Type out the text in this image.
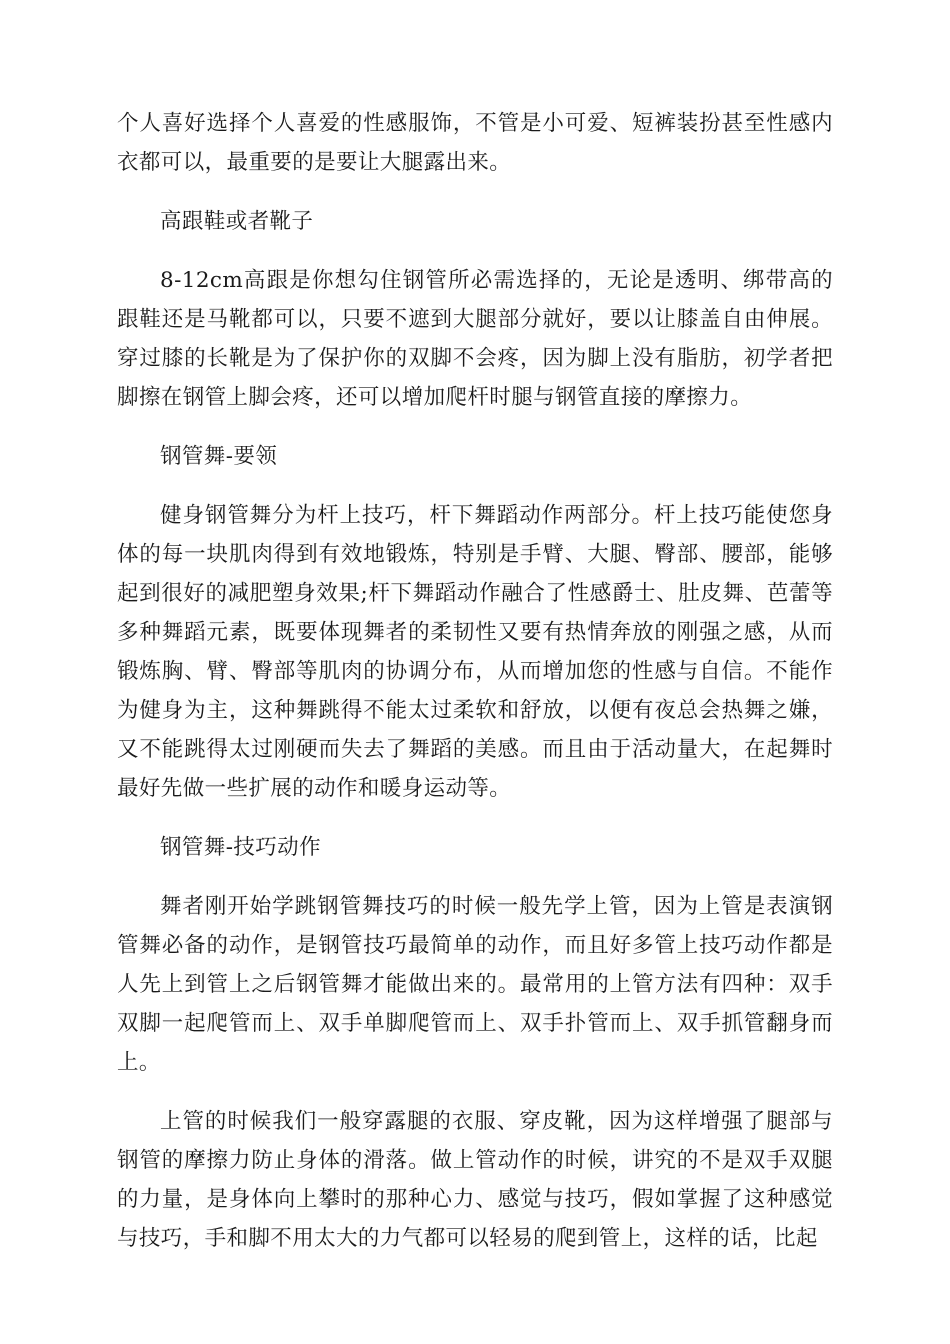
个人喜好选择个人喜爱的性感服饰，不管是小可爱、短裤装扮甚至性感内衣都可以，最重要的是要让大腿露出来。

高跟鞋或者靴子

8-12cm高跟是你想勾住钢管所必需选择的，无论是透明、绑带高的跟鞋还是马靴都可以，只要不遮到大腿部分就好，要以让膝盖自由伸展。穿过膝的长靴是为了保护你的双脚不会疼，因为脚上没有脂肪，初学者把脚擦在钢管上脚会疼，还可以增加爬杆时腿与钢管直接的摩擦力。

钢管舞-要领

健身钢管舞分为杆上技巧，杆下舞蹈动作两部分。杆上技巧能使您身体的每一块肌肉得到有效地锻炼，特别是手臂、大腿、臀部、腰部，能够起到很好的减肥塑身效果;杆下舞蹈动作融合了性感爵士、肚皮舞、芭蕾等多种舞蹈元素，既要体现舞者的柔韧性又要有热情奔放的刚强之感，从而锻炼胸、臂、臀部等肌肉的协调分布，从而增加您的性感与自信。不能作为健身为主，这种舞跳得不能太过柔软和舒放，以便有夜总会热舞之嫌，又不能跳得太过刚硬而失去了舞蹈的美感。而且由于活动量大，在起舞时最好先做一些扩展的动作和暖身运动等。

钢管舞-技巧动作

舞者刚开始学跳钢管舞技巧的时候一般先学上管，因为上管是表演钢管舞必备的动作，是钢管技巧最简单的动作，而且好多管上技巧动作都是人先上到管上之后钢管舞才能做出来的。最常用的上管方法有四种：双手双脚一起爬管而上、双手单脚爬管而上、双手扑管而上、双手抓管翻身而上。

上管的时候我们一般穿露腿的衣服、穿皮靴，因为这样增强了腿部与钢管的摩擦力防止身体的滑落。做上管动作的时候，讲究的不是双手双腿的力量，是身体向上攀时的那种心力、感觉与技巧，假如掌握了这种感觉与技巧，手和脚不用太大的力气都可以轻易的爬到管上，这样的话，比起
